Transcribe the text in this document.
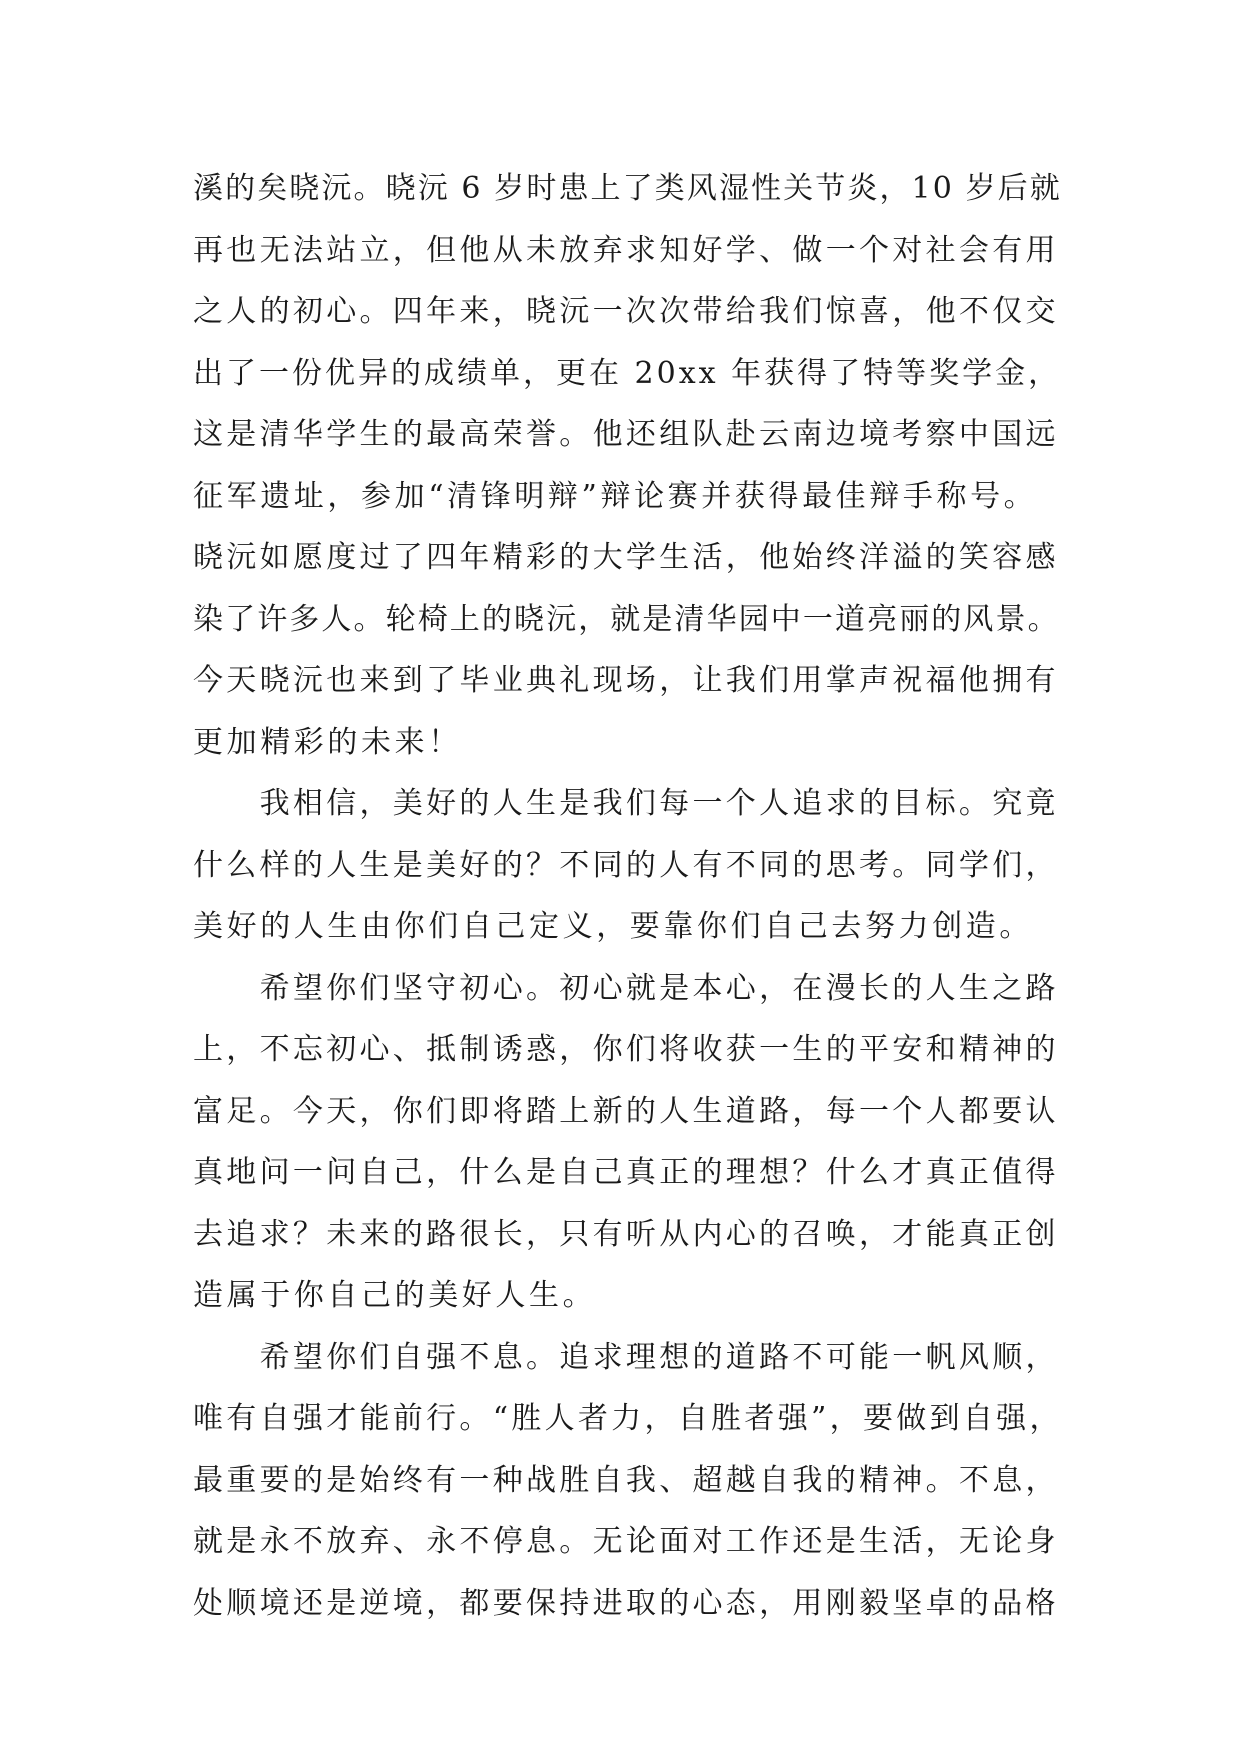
溪的矣晓沅。晓沅 6 岁时患上了类风湿性关节炎，10 岁后就
再也无法站立，但他从未放弃求知好学、做一个对社会有用
之人的初心。四年来，晓沅一次次带给我们惊喜，他不仅交
出了一份优异的成绩单，更在 20xx 年获得了特等奖学金，
这是清华学生的最高荣誉。他还组队赴云南边境考察中国远
征军遗址，参加“清锋明辩”辩论赛并获得最佳辩手称号。
晓沅如愿度过了四年精彩的大学生活，他始终洋溢的笑容感
染了许多人。轮椅上的晓沅，就是清华园中一道亮丽的风景。
今天晓沅也来到了毕业典礼现场，让我们用掌声祝福他拥有
更加精彩的未来！
　　我相信，美好的人生是我们每一个人追求的目标。究竟
什么样的人生是美好的？不同的人有不同的思考。同学们，
美好的人生由你们自己定义，要靠你们自己去努力创造。
　　希望你们坚守初心。初心就是本心，在漫长的人生之路
上，不忘初心、抵制诱惑，你们将收获一生的平安和精神的
富足。今天，你们即将踏上新的人生道路，每一个人都要认
真地问一问自己，什么是自己真正的理想？什么才真正值得
去追求？未来的路很长，只有听从内心的召唤，才能真正创
造属于你自己的美好人生。
　　希望你们自强不息。追求理想的道路不可能一帆风顺，
唯有自强才能前行。“胜人者力，自胜者强”，要做到自强，
最重要的是始终有一种战胜自我、超越自我的精神。不息，
就是永不放弃、永不停息。无论面对工作还是生活，无论身
处顺境还是逆境，都要保持进取的心态，用刚毅坚卓的品格
